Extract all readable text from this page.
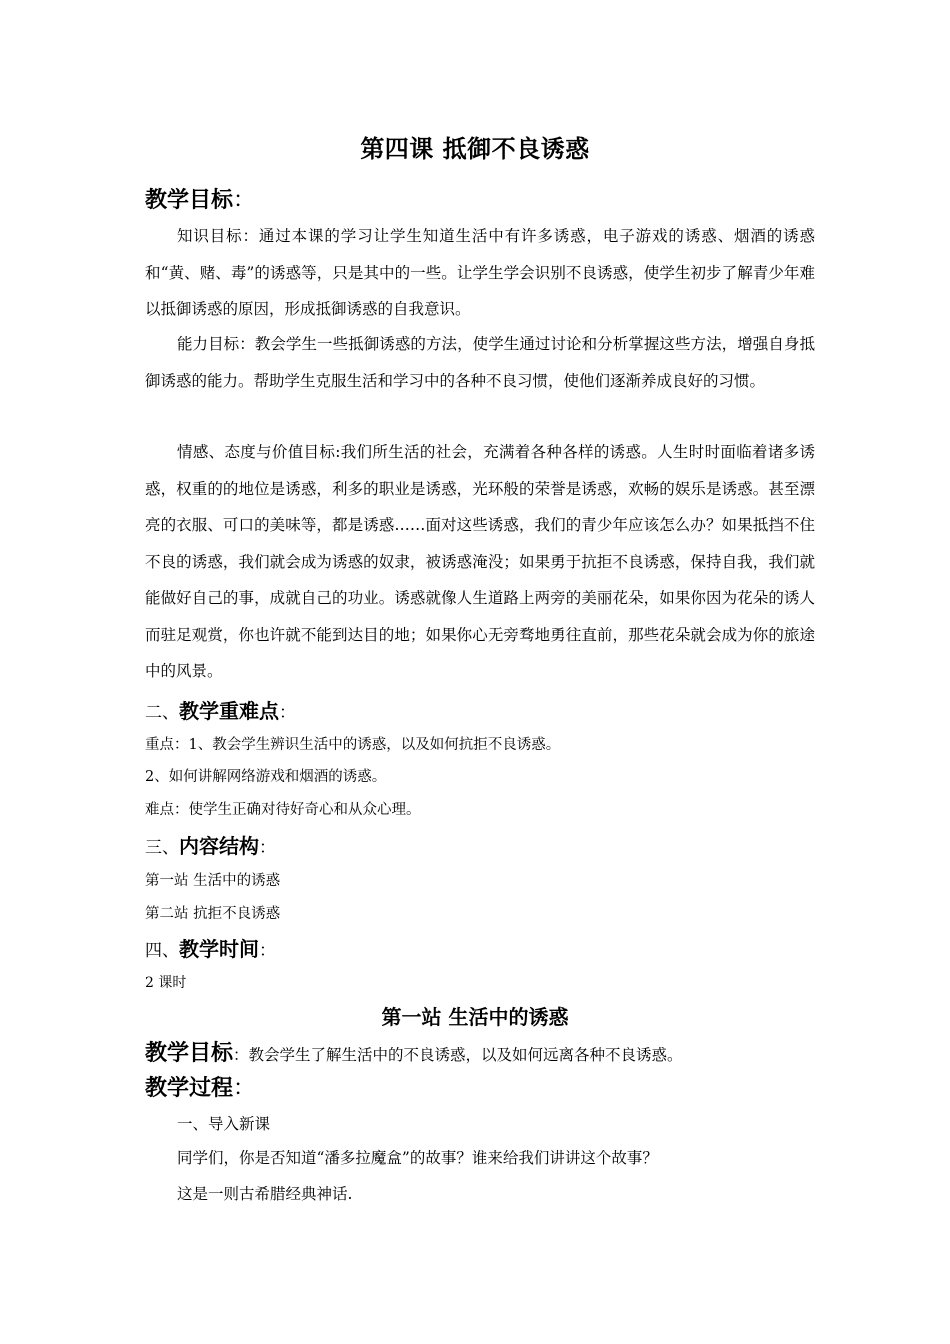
第四课 抵御不良诱惑
教学目标：

知识目标：通过本课的学习让学生知道生活中有许多诱惑，电子游戏的诱惑、烟酒的诱惑和“黄、赌、毒”的诱惑等，只是其中的一些。让学生学会识别不良诱惑，使学生初步了解青少年难以抵御诱惑的原因，形成抵御诱惑的自我意识。

能力目标：教会学生一些抵御诱惑的方法，使学生通过讨论和分析掌握这些方法，增强自身抵御诱惑的能力。帮助学生克服生活和学习中的各种不良习惯，使他们逐渐养成良好的习惯。

情感、态度与价值目标:我们所生活的社会，充满着各种各样的诱惑。人生时时面临着诸多诱惑，权重的的地位是诱惑，利多的职业是诱惑，光环般的荣誉是诱惑，欢畅的娱乐是诱惑。甚至漂亮的衣服、可口的美味等，都是诱惑……面对这些诱惑，我们的青少年应该怎么办？如果抵挡不住不良的诱惑，我们就会成为诱惑的奴隶，被诱惑淹没；如果勇于抗拒不良诱惑，保持自我，我们就能做好自己的事，成就自己的功业。诱惑就像人生道路上两旁的美丽花朵，如果你因为花朵的诱人而驻足观赏，你也许就不能到达目的地；如果你心无旁骛地勇往直前，那些花朵就会成为你的旅途中的风景。

二、教学重难点：
重点：1、教会学生辨识生活中的诱惑，以及如何抗拒不良诱惑。
2、如何讲解网络游戏和烟酒的诱惑。
难点：使学生正确对待好奇心和从众心理。
三、内容结构：
第一站 生活中的诱惑
第二站 抗拒不良诱惑
四、教学时间：
2 课时
第一站 生活中的诱惑
教学目标：教会学生了解生活中的不良诱惑，以及如何远离各种不良诱惑。
教学过程：
一、导入新课
同学们，你是否知道“潘多拉魔盒”的故事？谁来给我们讲讲这个故事？
这是一则古希腊经典神话.
